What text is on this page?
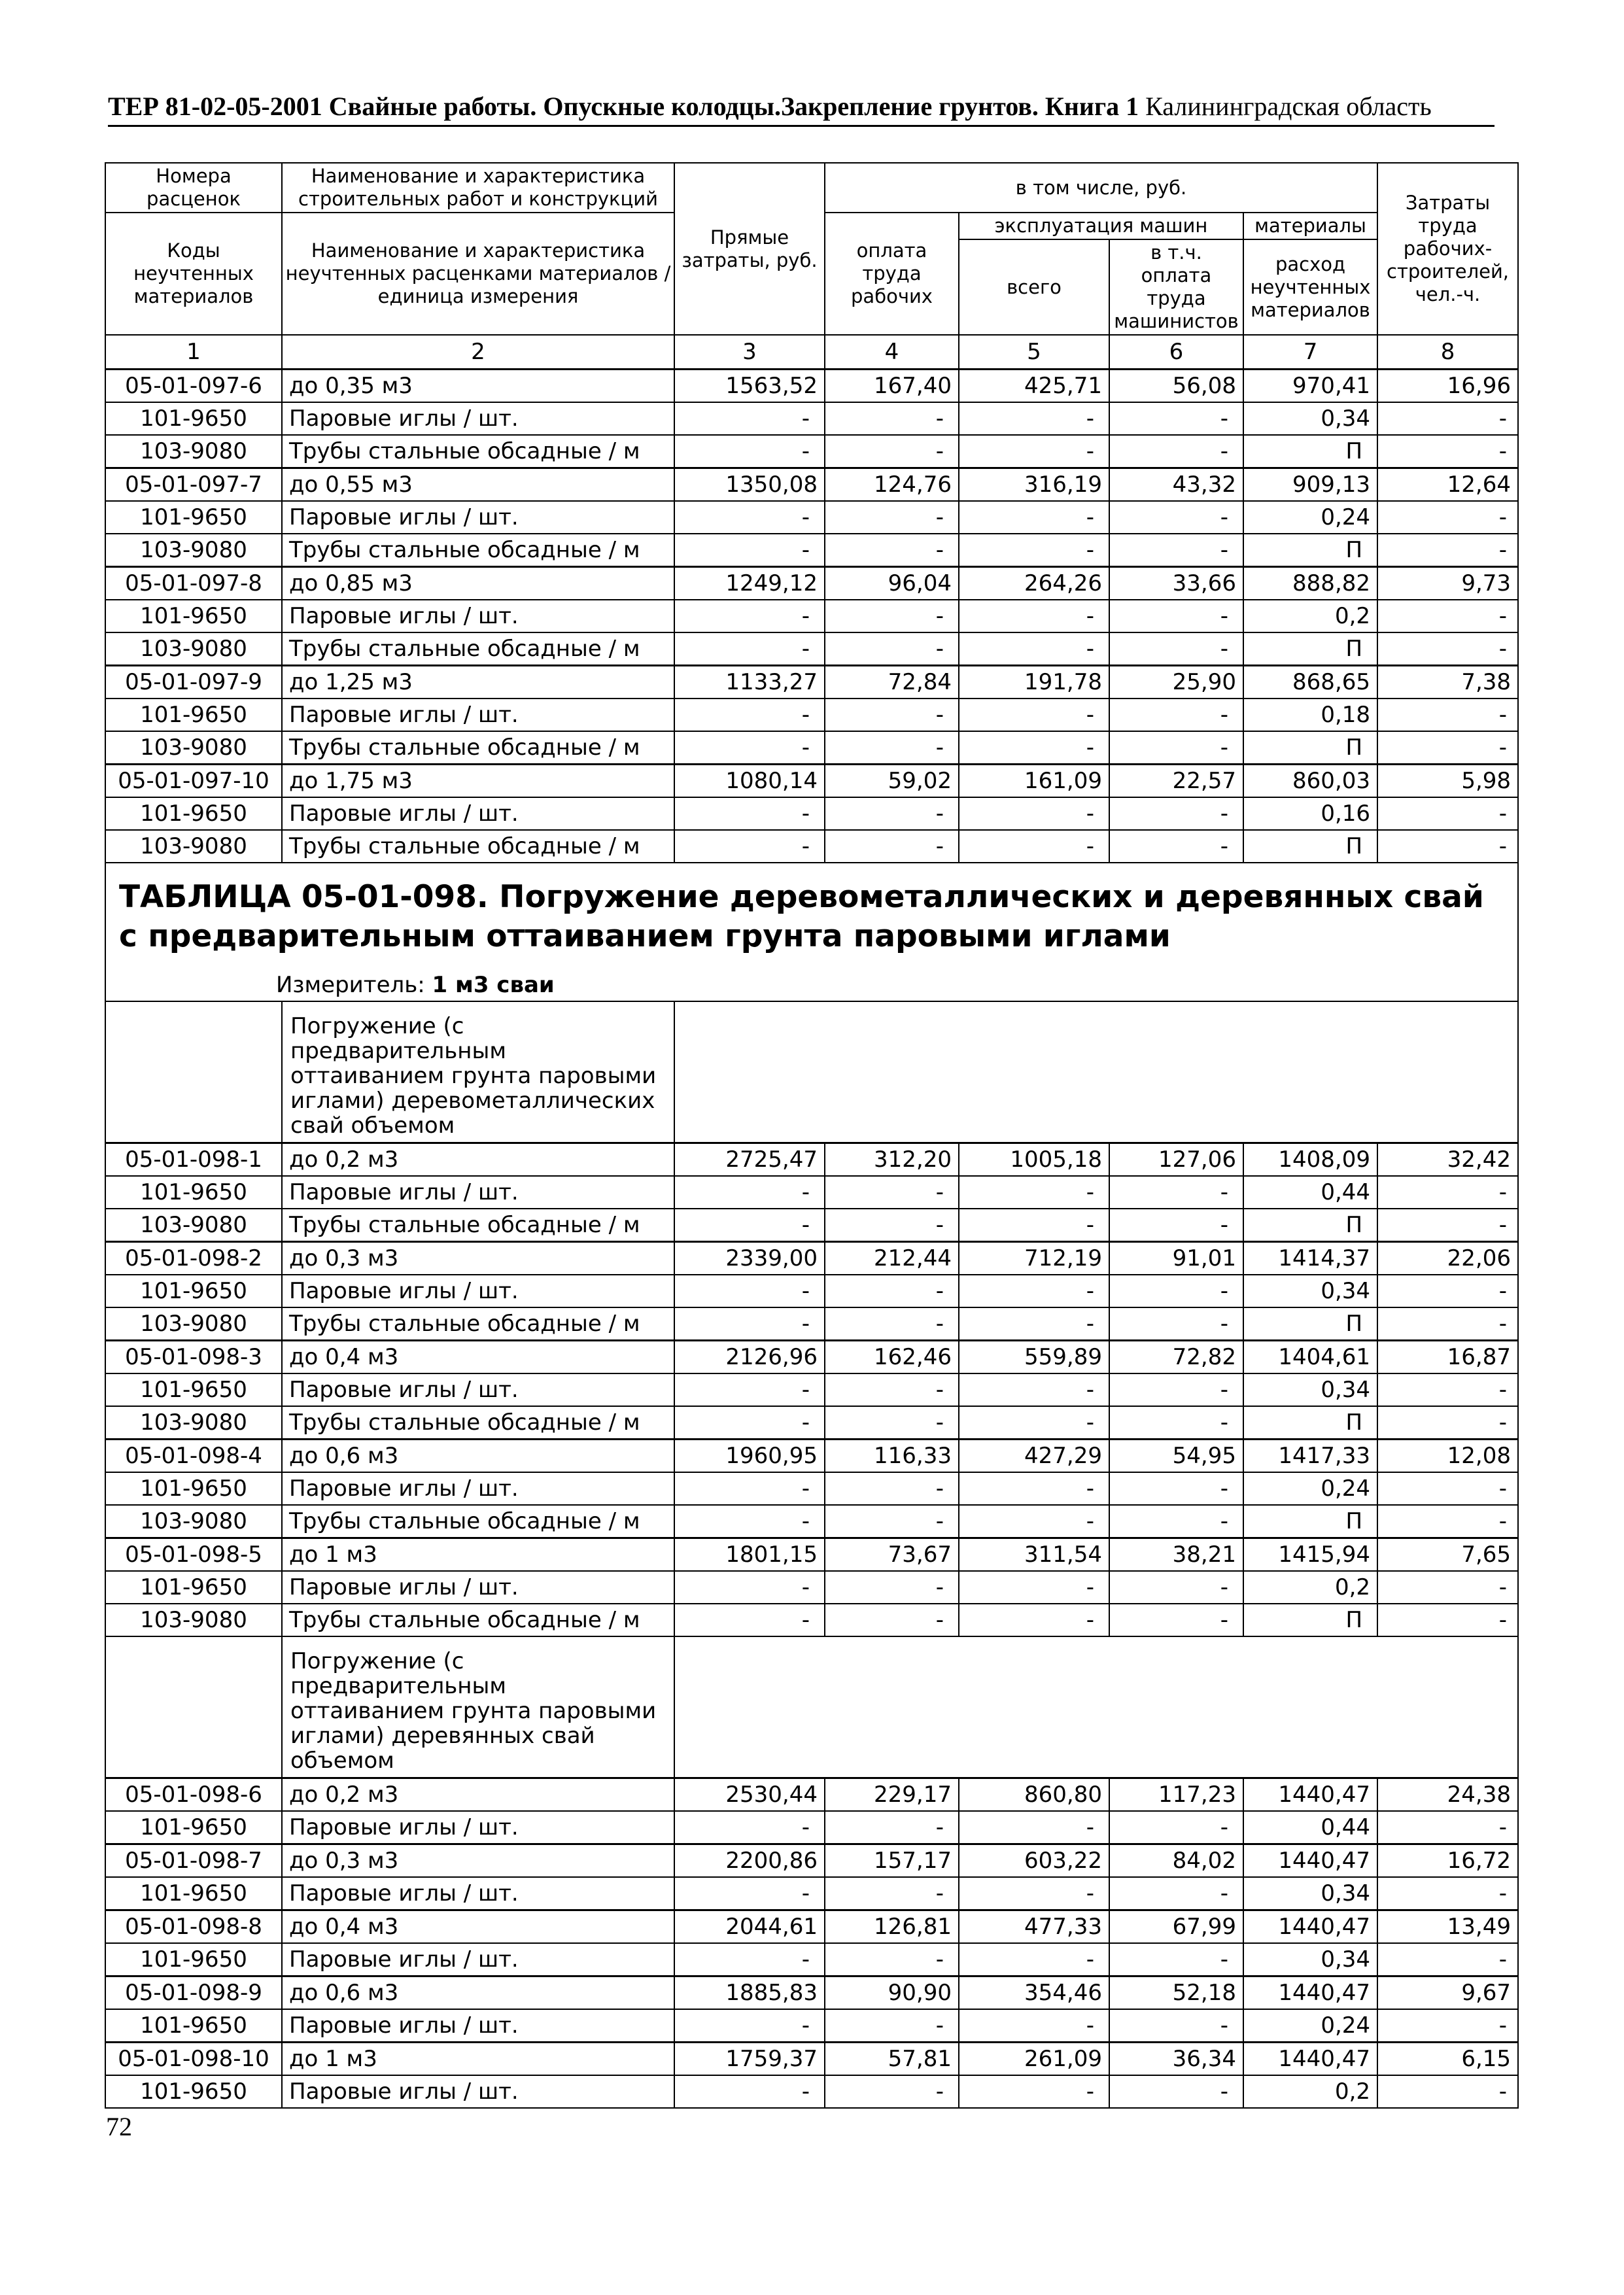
ТЕР 81-02-05-2001 Свайные работы. Опускные колодцы.Закрепление грунтов. Книга 1 Калининградская область
Номера расценок	Наименование и характеристика строительных работ и конструкций	Прямые затраты, руб.	в том числе, руб.				Затраты труда рабочих-строителей, чел.-ч.
Коды неучтенных материалов	Наименование и характеристика неучтенных расценками материалов / единица измерения		оплата труда рабочих	эксплуатация машин		материалы	
				всего	в т.ч. оплата труда машинистов	расход неучтенных материалов	
1	2	3	4	5	6	7	8
05-01-097-6	до 0,35 м3	1563,52	167,40	425,71	56,08	970,41	16,96
101-9650	Паровые иглы / шт.	-	-	-	-	0,34	-
103-9080	Трубы стальные обсадные / м	-	-	-	-	П	-
05-01-097-7	до 0,55 м3	1350,08	124,76	316,19	43,32	909,13	12,64
101-9650	Паровые иглы / шт.	-	-	-	-	0,24	-
103-9080	Трубы стальные обсадные / м	-	-	-	-	П	-
05-01-097-8	до 0,85 м3	1249,12	96,04	264,26	33,66	888,82	9,73
101-9650	Паровые иглы / шт.	-	-	-	-	0,2	-
103-9080	Трубы стальные обсадные / м	-	-	-	-	П	-
05-01-097-9	до 1,25 м3	1133,27	72,84	191,78	25,90	868,65	7,38
101-9650	Паровые иглы / шт.	-	-	-	-	0,18	-
103-9080	Трубы стальные обсадные / м	-	-	-	-	П	-
05-01-097-10	до 1,75 м3	1080,14	59,02	161,09	22,57	860,03	5,98
101-9650	Паровые иглы / шт.	-	-	-	-	0,16	-
103-9080	Трубы стальные обсадные / м	-	-	-	-	П	-

ТАБЛИЦА 05-01-098. Погружение деревометаллических и деревянных свай с предварительным оттаиванием грунта паровыми иглами							

Измеритель: 1 м3 сваи							
	Погружение (с предварительным оттаиванием грунта паровыми иглами) деревометаллических свай объемом						
05-01-098-1	до 0,2 м3	2725,47	312,20	1005,18	127,06	1408,09	32,42
101-9650	Паровые иглы / шт.	-	-	-	-	0,44	-
103-9080	Трубы стальные обсадные / м	-	-	-	-	П	-
05-01-098-2	до 0,3 м3	2339,00	212,44	712,19	91,01	1414,37	22,06
101-9650	Паровые иглы / шт.	-	-	-	-	0,34	-
103-9080	Трубы стальные обсадные / м	-	-	-	-	П	-
05-01-098-3	до 0,4 м3	2126,96	162,46	559,89	72,82	1404,61	16,87
101-9650	Паровые иглы / шт.	-	-	-	-	0,34	-
103-9080	Трубы стальные обсадные / м	-	-	-	-	П	-
05-01-098-4	до 0,6 м3	1960,95	116,33	427,29	54,95	1417,33	12,08
101-9650	Паровые иглы / шт.	-	-	-	-	0,24	-
103-9080	Трубы стальные обсадные / м	-	-	-	-	П	-
05-01-098-5	до 1 м3	1801,15	73,67	311,54	38,21	1415,94	7,65
101-9650	Паровые иглы / шт.	-	-	-	-	0,2	-
103-9080	Трубы стальные обсадные / м	-	-	-	-	П	-
	Погружение (с предварительным оттаиванием грунта паровыми иглами) деревянных свай объемом						
05-01-098-6	до 0,2 м3	2530,44	229,17	860,80	117,23	1440,47	24,38
101-9650	Паровые иглы / шт.	-	-	-	-	0,44	-
05-01-098-7	до 0,3 м3	2200,86	157,17	603,22	84,02	1440,47	16,72
101-9650	Паровые иглы / шт.	-	-	-	-	0,34	-
05-01-098-8	до 0,4 м3	2044,61	126,81	477,33	67,99	1440,47	13,49
101-9650	Паровые иглы / шт.	-	-	-	-	0,34	-
05-01-098-9	до 0,6 м3	1885,83	90,90	354,46	52,18	1440,47	9,67
101-9650	Паровые иглы / шт.	-	-	-	-	0,24	-
05-01-098-10	до 1 м3	1759,37	57,81	261,09	36,34	1440,47	6,15
101-9650	Паровые иглы / шт.	-	-	-	-	0,2	-
72
